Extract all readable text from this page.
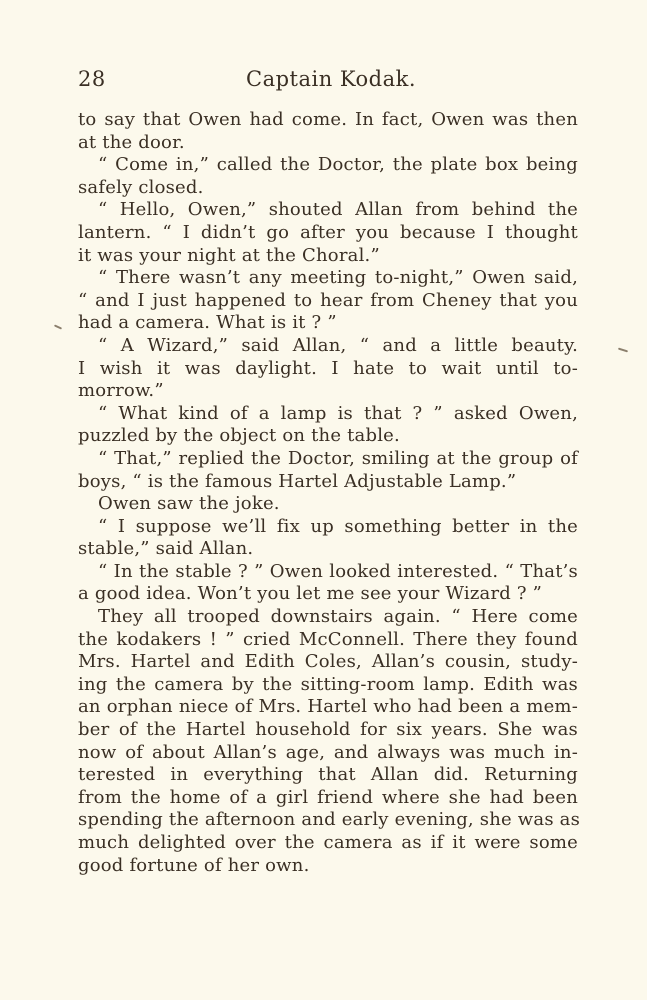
28	Captain Kodak.
to say that Owen had come. In fact, Owen was then
at the door.
“ Come in,” called the Doctor, the plate box being
safely closed.
“ Hello, Owen,” shouted Allan from behind the
lantern. “ I didn’t go after you because I thought
it was your night at the Choral.”
“ There wasn’t any meeting to-night,” Owen said,
“ and I just happened to hear from Cheney that you
had a camera. What is it ? ”
“ A Wizard,” said Allan, “ and a little beauty.
I wish it was daylight. I hate to wait until to-
morrow.”
“ What kind of a lamp is that ? ” asked Owen,
puzzled by the object on the table.
“ That,” replied the Doctor, smiling at the group of
boys, “ is the famous Hartel Adjustable Lamp.”
Owen saw the joke.
“ I suppose we’ll fix up something better in the
stable,” said Allan.
“ In the stable ? ” Owen looked interested. “ That’s
a good idea. Won’t you let me see your Wizard ? ”
They all trooped downstairs again. “ Here come
the kodakers ! ” cried McConnell. There they found
Mrs. Hartel and Edith Coles, Allan’s cousin, study-
ing the camera by the sitting-room lamp. Edith was
an orphan niece of Mrs. Hartel who had been a mem-
ber of the Hartel household for six years. She was
now of about Allan’s age, and always was much in-
terested in everything that Allan did. Returning
from the home of a girl friend where she had been
spending the afternoon and early evening, she was as
much delighted over the camera as if it were some
good fortune of her own.
